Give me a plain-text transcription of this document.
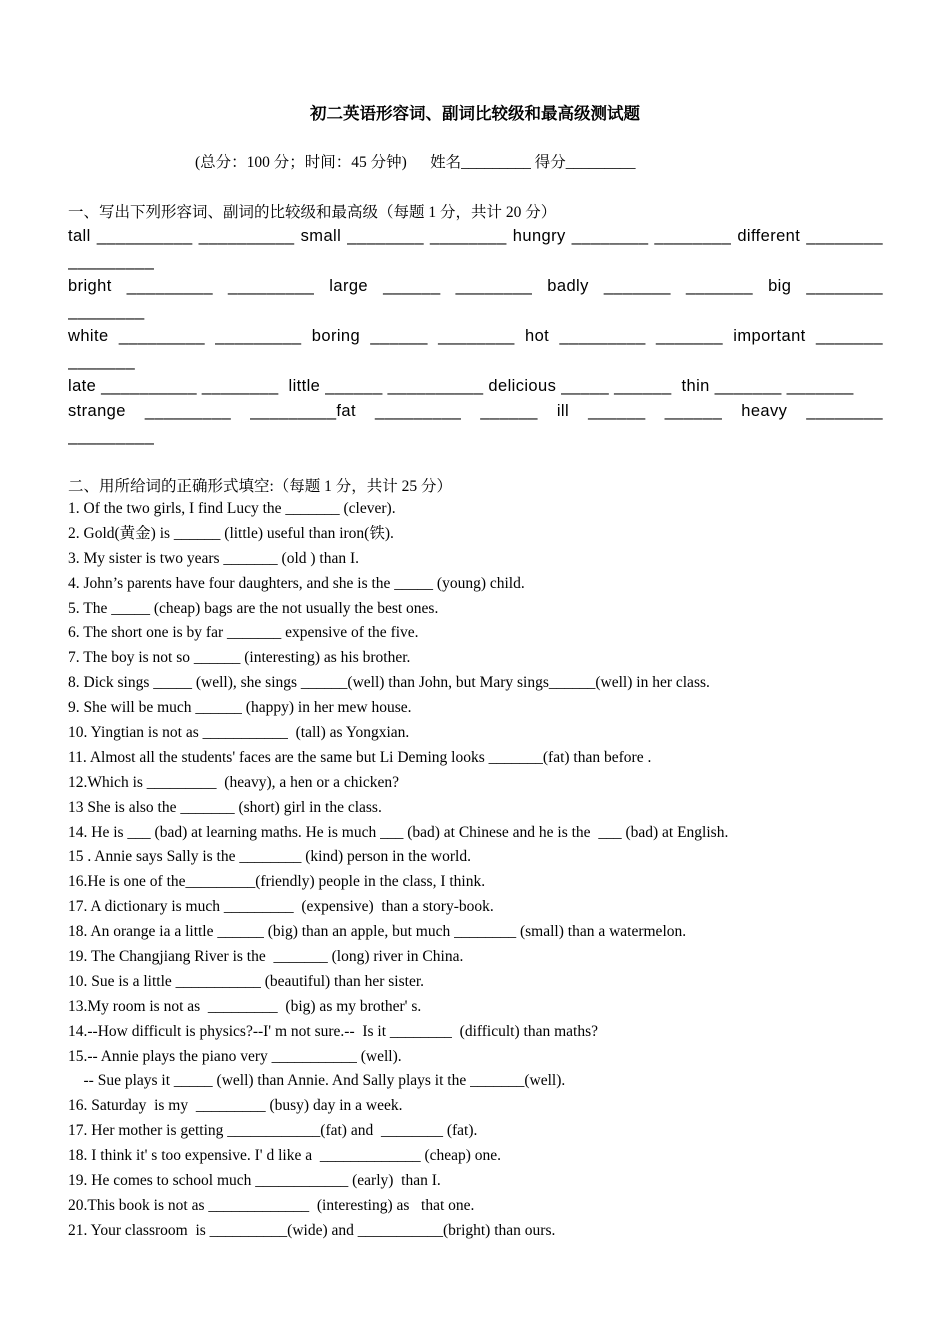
初二英语形容词、副词比较级和最高级测试题
(总分：100 分；时间：45 分钟)      姓名_________ 得分_________
一、写出下列形容词、副词的比较级和最高级（每题 1 分，共计 20 分）
tall __________ __________ small ________ ________ hungry ________ ________ different ________
_________
bright _________ _________ large ______ ________ badly _______ _______ big ________
________
white _________ _________ boring ______ ________ hot _________ _______ important _______
_______
late __________ ________  little ______ __________ delicious _____ ______  thin _______ _______
strange _________ _________fat _________ ______ ill ______ ______ heavy ________
_________
二、用所给词的正确形式填空:（每题 1 分，共计 25 分）
1. Of the two girls, I find Lucy the _______ (clever).
2. Gold(黄金) is ______ (little) useful than iron(铁).
3. My sister is two years _______ (old ) than I.
4. John’s parents have four daughters, and she is the _____ (young) child.
5. The _____ (cheap) bags are the not usually the best ones.
6. The short one is by far _______ expensive of the five.
7. The boy is not so ______ (interesting) as his brother.
8. Dick sings _____ (well), she sings ______(well) than John, but Mary sings______(well) in her class.
9. She will be much ______ (happy) in her mew house.
10. Yingtian is not as ___________  (tall) as Yongxian.
11. Almost all the students' faces are the same but Li Deming looks _______(fat) than before .
12.Which is _________  (heavy), a hen or a chicken?
13 She is also the _______ (short) girl in the class.
14. He is ___ (bad) at learning maths. He is much ___ (bad) at Chinese and he is the  ___ (bad) at English.
15 . Annie says Sally is the ________ (kind) person in the world.
16.He is one of the_________(friendly) people in the class, I think.
17. A dictionary is much _________  (expensive)  than a story-book.
18. An orange ia a little ______ (big) than an apple, but much ________ (small) than a watermelon.
19. The Changjiang River is the  _______ (long) river in China.
10. Sue is a little ___________ (beautiful) than her sister.
13.My room is not as  _________  (big) as my brother' s.
14.--How difficult is physics?--I' m not sure.--  Is it ________  (difficult) than maths?
15.-- Annie plays the piano very ___________ (well).
-- Sue plays it _____ (well) than Annie. And Sally plays it the _______(well).
16. Saturday  is my  _________ (busy) day in a week.
17. Her mother is getting ____________(fat) and  ________ (fat).
18. I think it' s too expensive. I' d like a  _____________ (cheap) one.
19. He comes to school much ____________ (early)  than I.
20.This book is not as _____________  (interesting) as   that one.
21. Your classroom  is __________(wide) and ___________(bright) than ours.
